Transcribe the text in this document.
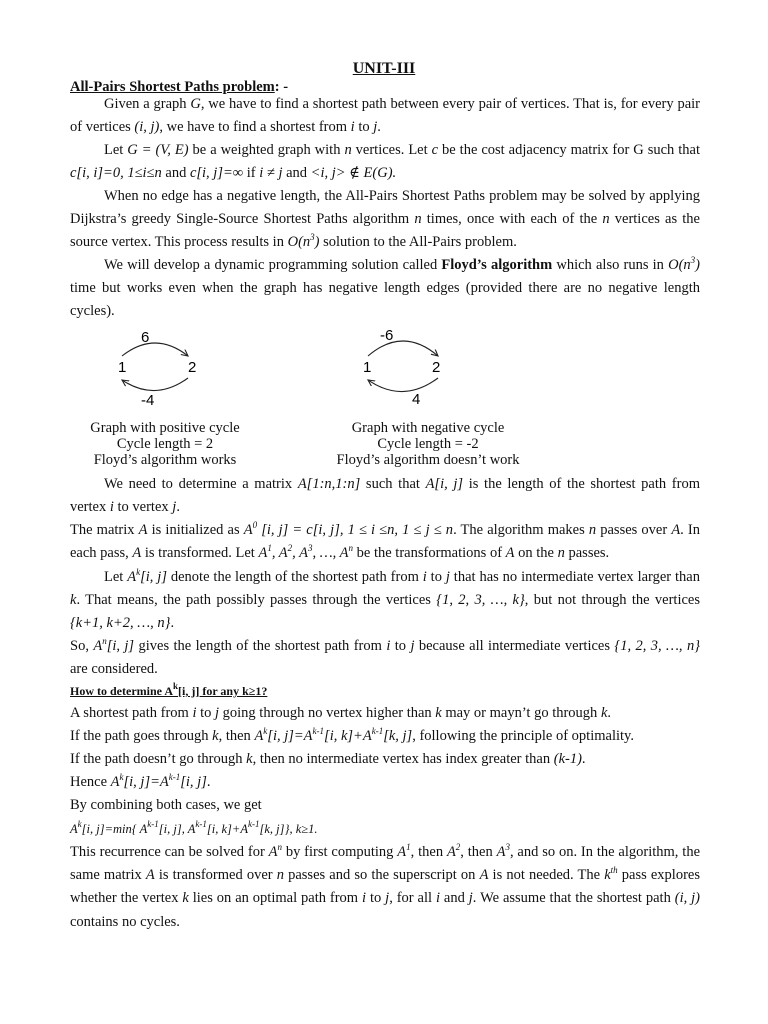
UNIT-III
All-Pairs Shortest Paths problem: -
Given a graph G, we have to find a shortest path between every pair of vertices. That is, for every pair of vertices (i, j), we have to find a shortest from i to j.
Let G = (V, E) be a weighted graph with n vertices. Let c be the cost adjacency matrix for G such that c[i, i]=0, 1≤i≤n and c[i, j]=∞ if i ≠ j and <i, j> ∉ E(G).
When no edge has a negative length, the All-Pairs Shortest Paths problem may be solved by applying Dijkstra’s greedy Single-Source Shortest Paths algorithm n times, once with each of the n vertices as the source vertex. This process results in $O(n^3)$ solution to the All-Pairs problem.
We will develop a dynamic programming solution called Floyd’s algorithm which also runs in $O(n^3)$ time but works even when the graph has negative length edges (provided there are no negative length cycles).
6
1	2
-4
-6
1	2
4
Graph with positive cycle
Cycle length = 2
Floyd’s algorithm works
Graph with negative cycle
Cycle length = -2
Floyd’s algorithm doesn’t work
We need to determine a matrix A[1:n,1:n] such that A[i, j] is the length of the shortest path from vertex i to vertex j.
The matrix A is initialized as $A^0$ [i, j] = c[i, j], 1 ≤ i ≤n, 1 ≤ j ≤ n. The algorithm makes n passes over A. In each pass, A is transformed. Let $A^1$, $A^2$, $A^3$, …, $A^n$ be the transformations of A on the n passes.
Let $A^k[i$, j] denote the length of the shortest path from i to j that has no intermediate vertex larger than k. That means, the path possibly passes through the vertices {1, 2, 3, …, k}, but not through the vertices {k+1, k+2, …, n}.
So, $A^n[i$, j] gives the length of the shortest path from i to j because all intermediate vertices {1, 2, 3, …, n} are considered.
How to determine $A^k[i$, j] for any k≥1?
A shortest path from i to j going through no vertex higher than k may or mayn’t go through k.
If the path goes through k, then $A^k[i$, $j]=A^{k-1}[i$, $k]+A^{k-1}[k$, j], following the principle of optimality.
If the path doesn’t go through k, then no intermediate vertex has index greater than (k-1).
Hence $A^k[i$, $j]=A^{k-1}[i$, j].
By combining both cases, we get
$A^k[i$, j]=min{ $A^{k-1}[i$, j], $A^{k-1}[i$, $k]+A^{k-1}[k$, j]}, k≥1.
This recurrence can be solved for $A^n$ by first computing $A^1$, then $A^2$, then $A^3$, and so on. In the algorithm, the same matrix A is transformed over n passes and so the superscript on A is not needed. The $k^{th}$ pass explores whether the vertex k lies on an optimal path from i to j, for all i and j. We assume that the shortest path (i, j) contains no cycles.
